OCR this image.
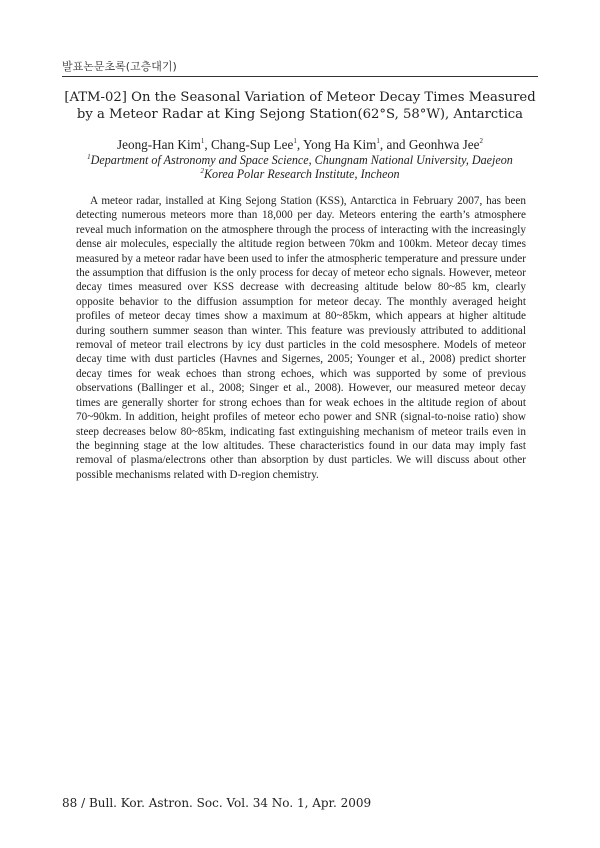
발표논문초록(고층대기)
[ATM-02] On the Seasonal Variation of Meteor Decay Times Measured
by a Meteor Radar at King Sejong Station(62°S, 58°W), Antarctica
Jeong-Han Kim$^1$, Chang-Sup Lee$^1$, Yong Ha Kim$^1$, and Geonhwa Jee$^2$
$^1$Department of Astronomy and Space Science, Chungnam National University, Daejeon
$^2$Korea Polar Research Institute, Incheon
A meteor radar, installed at King Sejong Station (KSS), Antarctica in February 2007, has been detecting numerous meteors more than 18,000 per day. Meteors entering the earth’s atmosphere reveal much information on the atmosphere through the process of interacting with the increasingly dense air molecules, especially the altitude region between 70km and 100km. Meteor decay times measured by a meteor radar have been used to infer the atmospheric temperature and pressure under the assumption that diffusion is the only process for decay of meteor echo signals. However, meteor decay times measured over KSS decrease with decreasing altitude below 80~85 km, clearly opposite behavior to the diffusion assumption for meteor decay. The monthly averaged height profiles of meteor decay times show a maximum at 80~85km, which appears at higher altitude during southern summer season than winter. This feature was previously attributed to additional removal of meteor trail electrons by icy dust particles in the cold mesosphere. Models of meteor decay time with dust particles (Havnes and Sigernes, 2005; Younger et al., 2008) predict shorter decay times for weak echoes than strong echoes, which was supported by some of previous observations (Ballinger et al., 2008; Singer et al., 2008). However, our measured meteor decay times are generally shorter for strong echoes than for weak echoes in the altitude region of about 70~90km. In addition, height profiles of meteor echo power and SNR (signal-to-noise ratio) show steep decreases below 80~85km, indicating fast extinguishing mechanism of meteor trails even in the beginning stage at the low altitudes. These characteristics found in our data may imply fast removal of plasma/electrons other than absorption by dust particles. We will discuss about other possible mechanisms related with D-region chemistry.
88 / Bull. Kor. Astron. Soc. Vol. 34 No. 1, Apr. 2009
